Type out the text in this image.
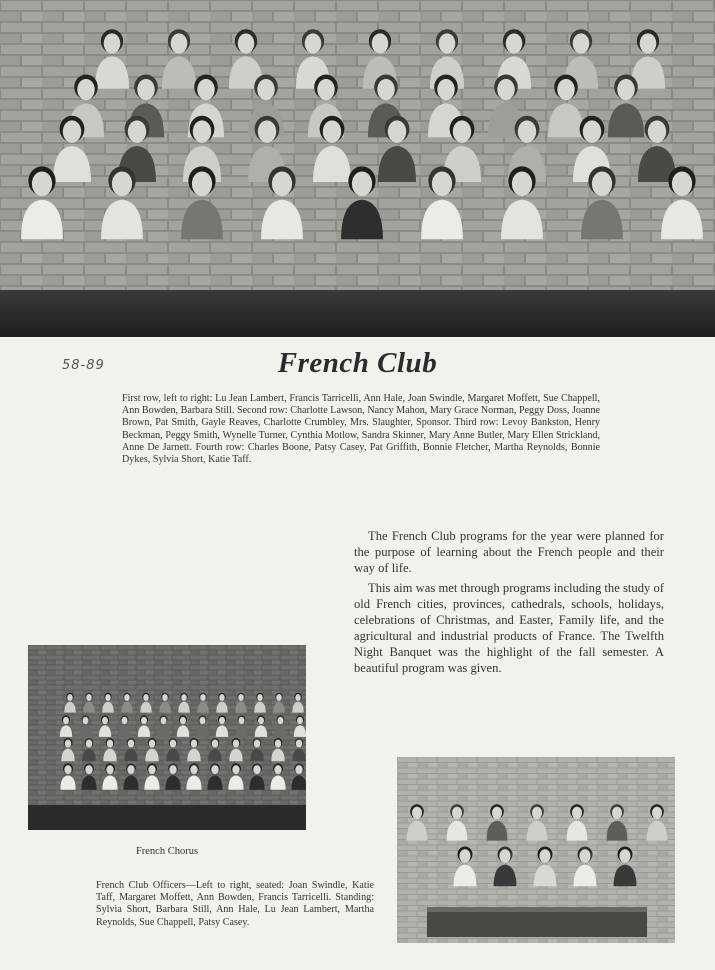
58-89	French Club
First row, left to right: Lu Jean Lambert, Francis Tarricelli, Ann Hale, Joan Swindle, Margaret Moffett, Sue Chappell, Ann Bowden, Barbara Still. Second row: Charlotte Lawson, Nancy Mahon, Mary Grace Norman, Peggy Doss, Joanne Brown, Pat Smith, Gayle Reaves, Charlotte Crumbley, Mrs. Slaughter, Sponsor. Third row: Levoy Bankston, Henry Beckman, Peggy Smith, Wynelle Turner, Cynthia Motlow, Sandra Skinner, Mary Anne Butler, Mary Ellen Strickland, Anne De Jarnett. Fourth row: Charles Boone, Patsy Casey, Pat Griffith, Bonnie Fletcher, Martha Reynolds, Bonnie Dykes, Sylvia Short, Katie Taff.

The French Club programs for the year were planned for the purpose of learning about the French people and their way of life.

This aim was met through programs including the study of old French cities, provinces, cathedrals, schools, holidays, celebrations of Christmas, and Easter, Family life, and the agricultural and industrial products of France. The Twelfth Night Banquet was the highlight of the fall semester. A beautiful program was given.

French Chorus
French Club Officers—Left to right, seated: Joan Swindle, Katie Taff, Margaret Moffett, Ann Bowden, Francis Tarricelli. Standing: Sylvia Short, Barbara Still, Ann Hale, Lu Jean Lambert, Martha Reynolds, Sue Chappell, Patsy Casey.
